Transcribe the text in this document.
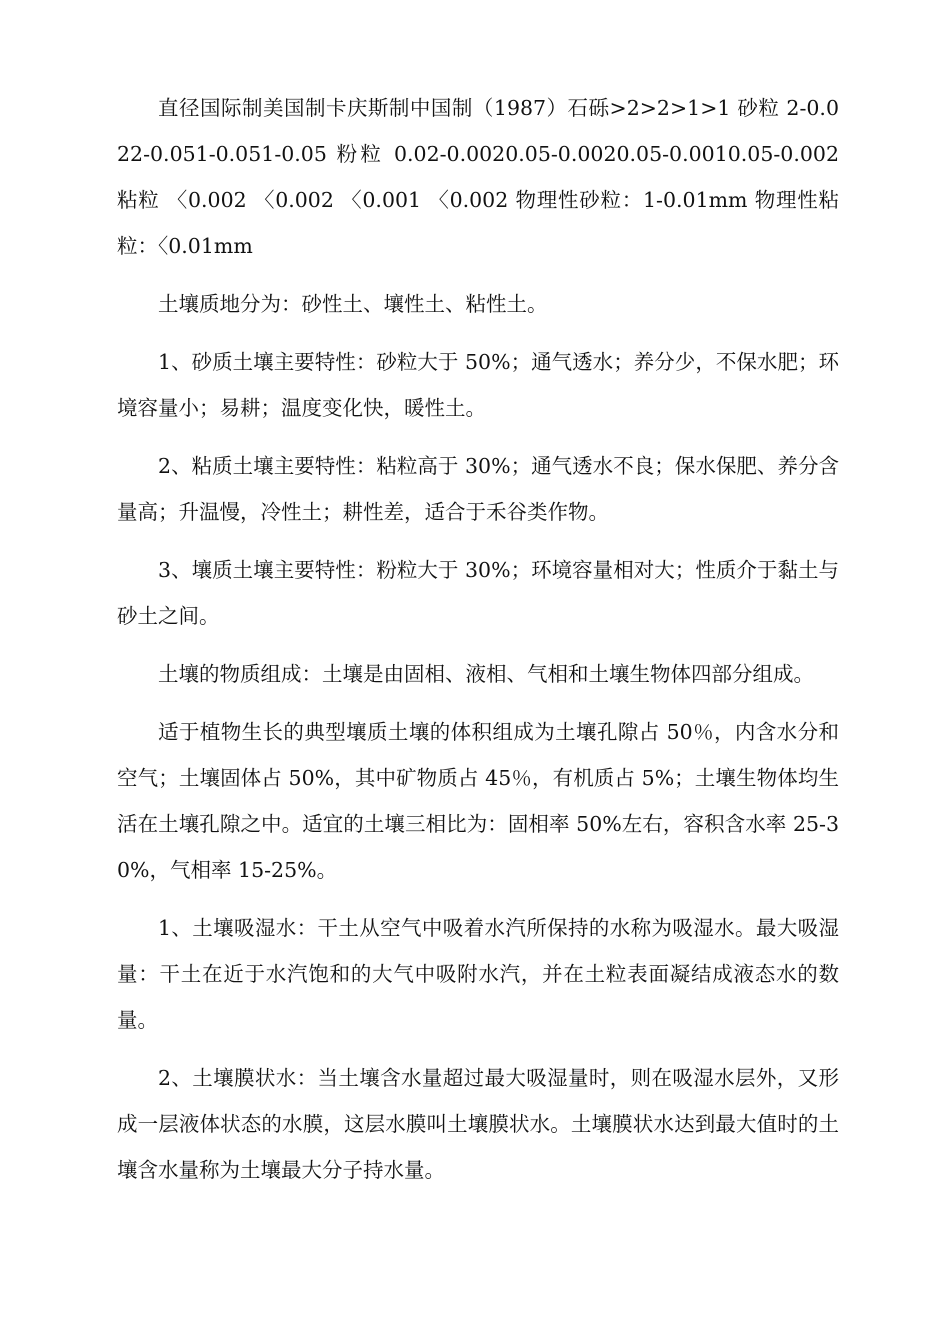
直径国际制美国制卡庆斯制中国制（1987）石砾>2>2>1>1 砂粒 2-0.022-0.051-0.051-0.05 粉粒 0.02-0.0020.05-0.0020.05-0.0010.05-0.002 粘粒 〈0.002 〈0.002 〈0.001 〈0.002 物理性砂粒：1-0.01mm 物理性粘粒：〈0.01mm

土壤质地分为：砂性土、壤性土、粘性土。

1、砂质土壤主要特性：砂粒大于 50%；通气透水；养分少，不保水肥；环境容量小；易耕；温度变化快，暖性土。

2、粘质土壤主要特性：粘粒高于 30%；通气透水不良；保水保肥、养分含量高；升温慢，冷性土；耕性差，适合于禾谷类作物。

3、壤质土壤主要特性：粉粒大于 30%；环境容量相对大；性质介于黏土与砂土之间。

土壤的物质组成：土壤是由固相、液相、气相和土壤生物体四部分组成。

适于植物生长的典型壤质土壤的体积组成为土壤孔隙占 50％，内含水分和空气；土壤固体占 50%，其中矿物质占 45％，有机质占 5%；土壤生物体均生活在土壤孔隙之中。适宜的土壤三相比为：固相率 50%左右，容积含水率 25-30%，气相率 15-25%。

1、土壤吸湿水：干土从空气中吸着水汽所保持的水称为吸湿水。最大吸湿量：干土在近于水汽饱和的大气中吸附水汽，并在土粒表面凝结成液态水的数量。

2、土壤膜状水：当土壤含水量超过最大吸湿量时，则在吸湿水层外，又形成一层液体状态的水膜，这层水膜叫土壤膜状水。土壤膜状水达到最大值时的土壤含水量称为土壤最大分子持水量。
